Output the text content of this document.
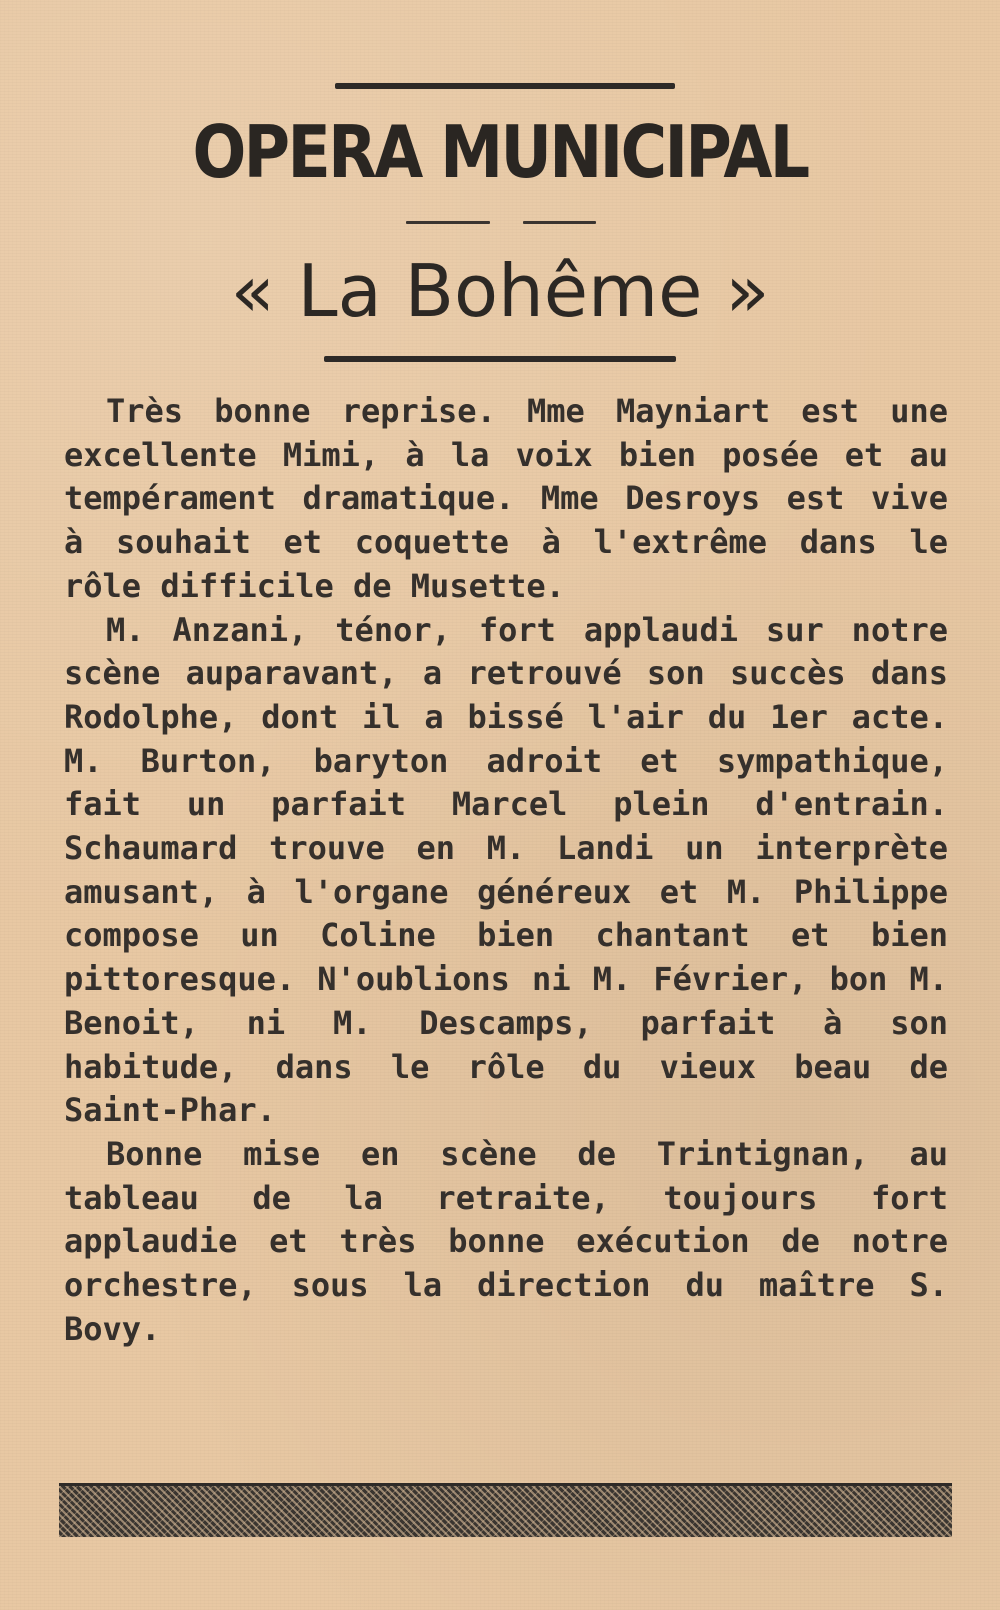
OPERA MUNICIPAL
« La Bohême »

Très bonne reprise. Mme Mayniart est une excellente Mimi, à la voix bien posée et au tempérament dramatique. Mme Desroys est vive à souhait et coquette à l'extrême dans le rôle difficile de Musette.

M. Anzani, ténor, fort applaudi sur notre scène auparavant, a retrouvé son succès dans Rodolphe, dont il a bissé l'air du 1er acte. M. Burton, baryton adroit et sympathique, fait un parfait Marcel plein d'entrain. Schaumard trouve en M. Landi un interprète amusant, à l'organe généreux et M. Philippe compose un Coline bien chantant et bien pittoresque. N'oublions ni M. Février, bon M. Benoit, ni M. Descamps, parfait à son habitude, dans le rôle du vieux beau de Saint-Phar.

Bonne mise en scène de Trintignan, au tableau de la retraite, toujours fort applaudie et très bonne exécution de notre orchestre, sous la direction du maître S. Bovy.
